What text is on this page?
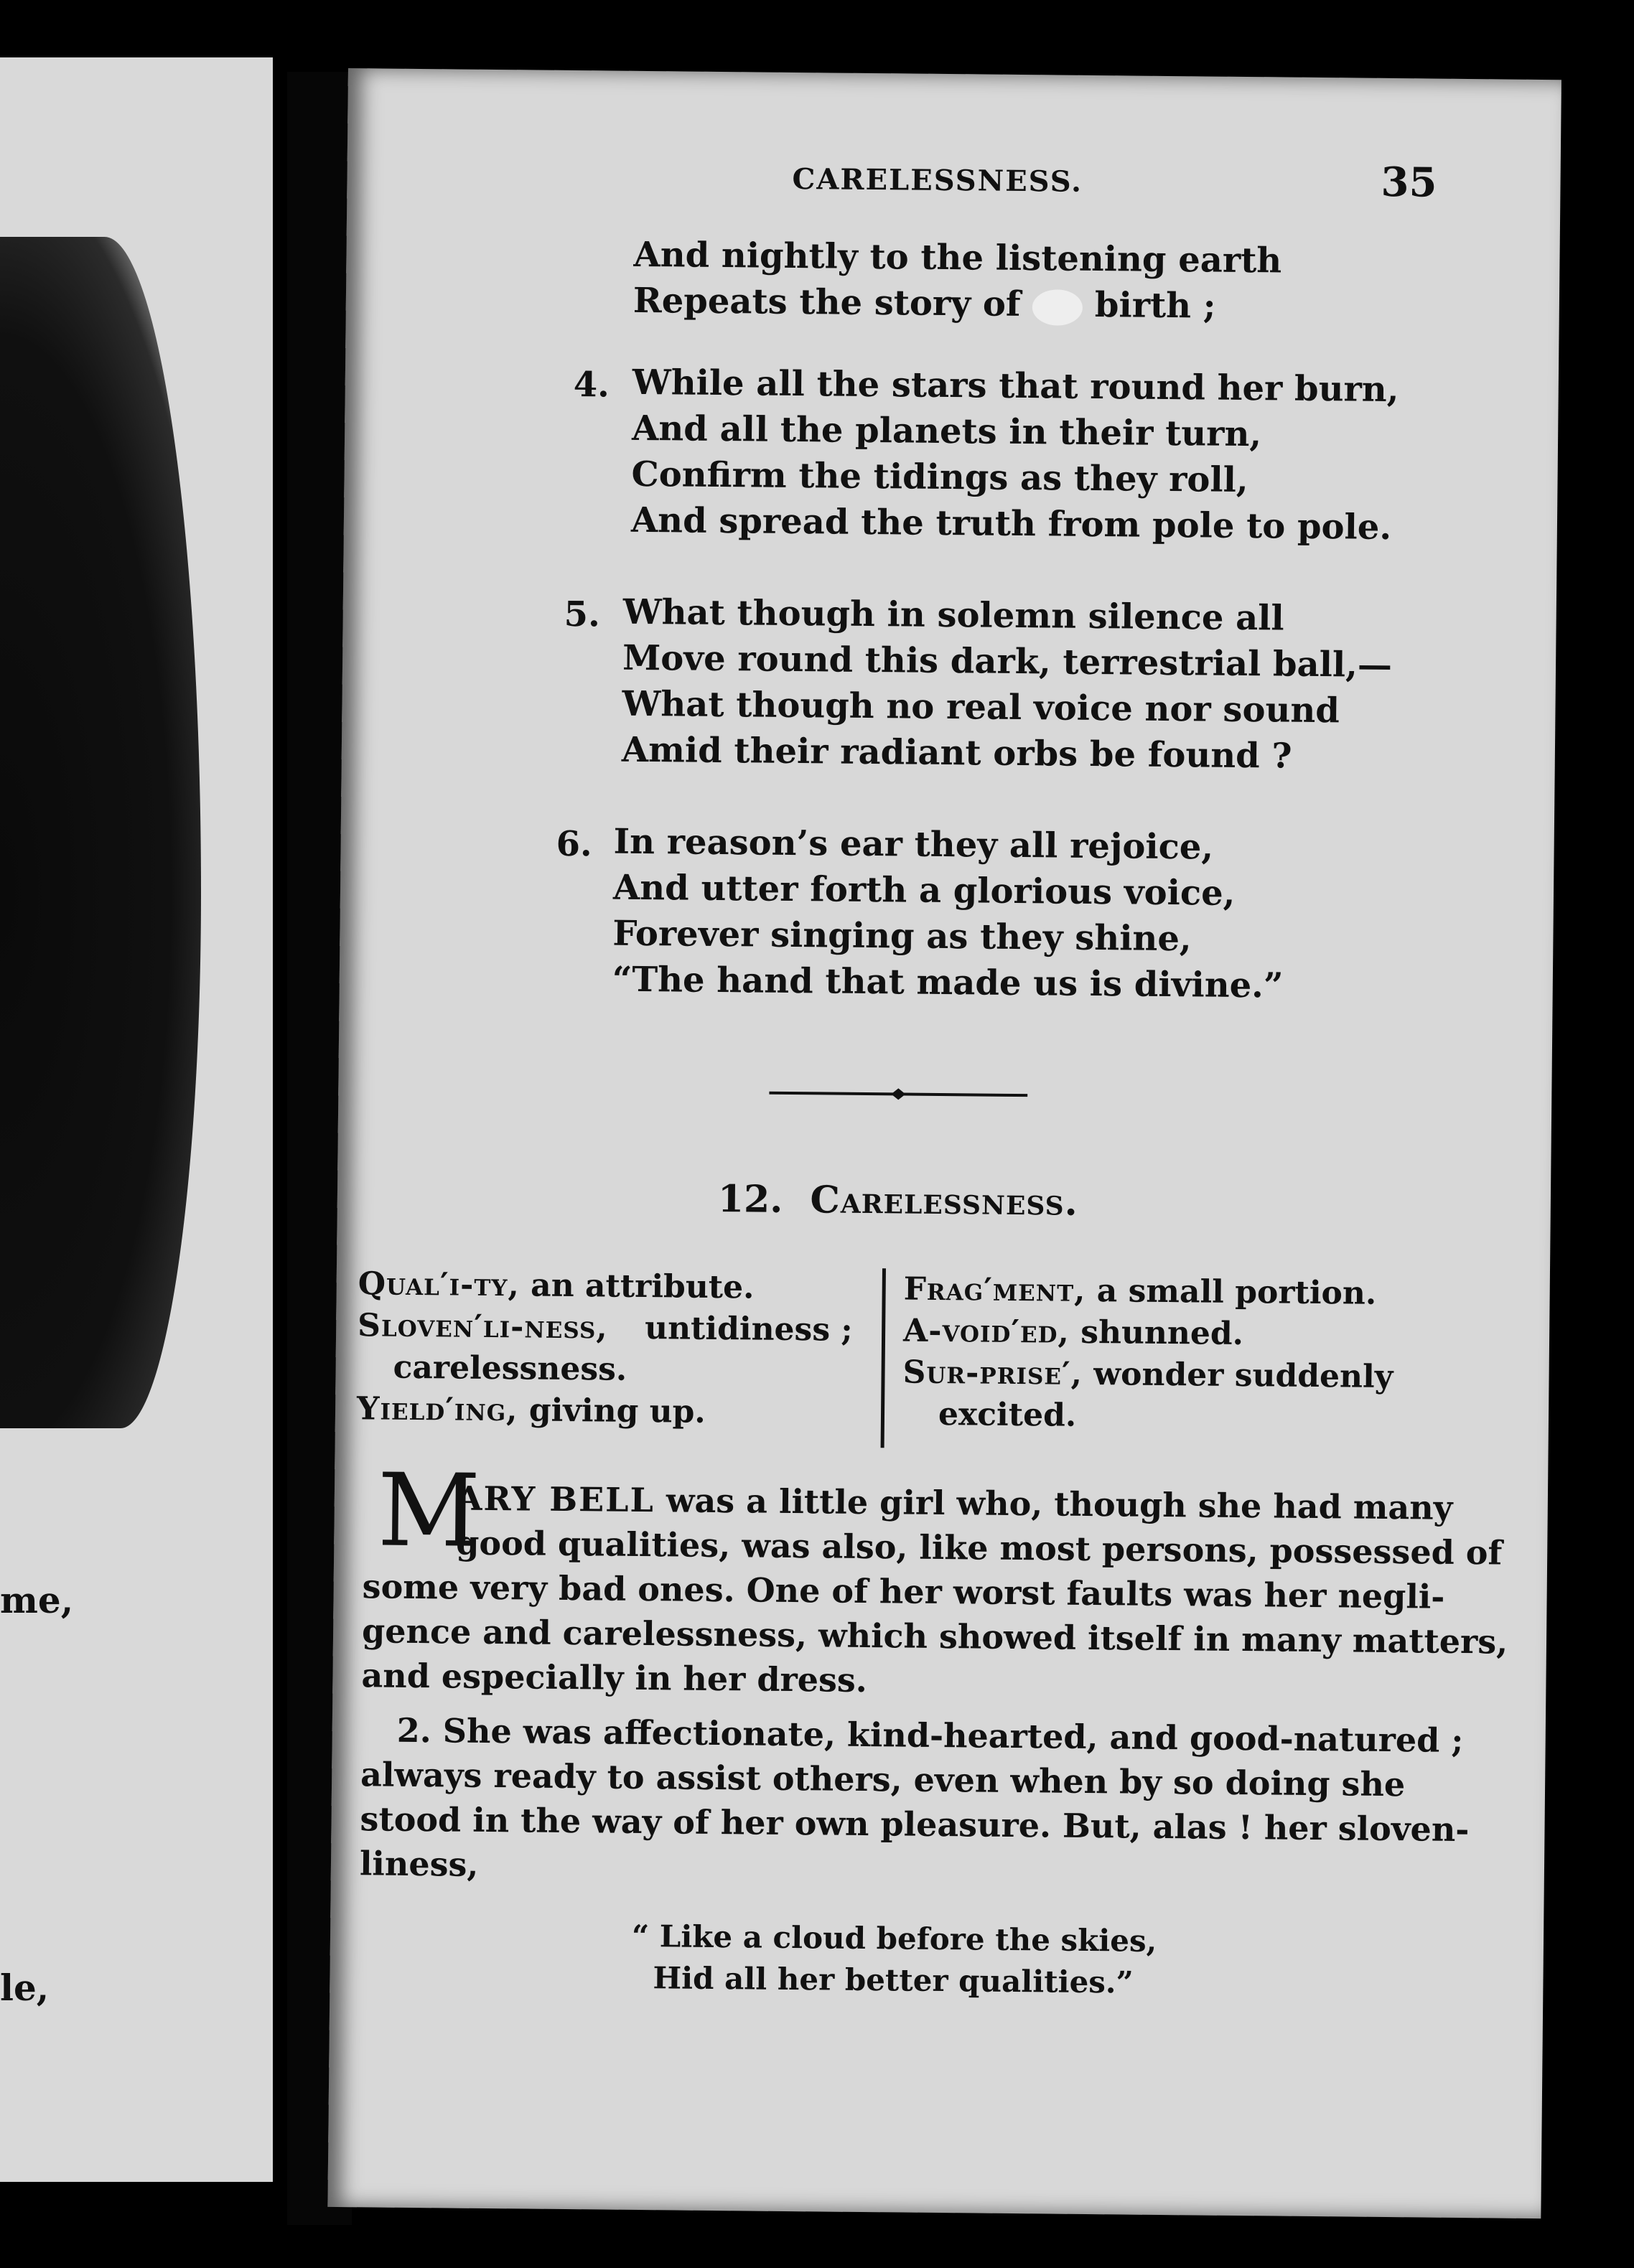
me,
le,
CARELESSNESS.	35
And nightly to the listening earth
Repeats the story of birth ;
4. While all the stars that round her burn,
And all the planets in their turn,
Confirm the tidings as they roll,
And spread the truth from pole to pole.
5. What though in solemn silence all
Move round this dark, terrestrial ball,—
What though no real voice nor sound
Amid their radiant orbs be found ?
6. In reason’s ear they all rejoice,
And utter forth a glorious voice,
Forever singing as they shine,
“The hand that made us is divine.”
12. Carelessness.
Qual′i-ty, an attribute.
Sloven′li-ness, untidiness ;
carelessness.
Yield′ing, giving up.
Frag′ment, a small portion.
A-void′ed, shunned.
Sur-prise′, wonder suddenly
excited.
M
ARY BELL was a little girl who, though she had many
good qualities, was also, like most persons, possessed of
some very bad ones. One of her worst faults was her negli-
gence and carelessness, which showed itself in many matters,
and especially in her dress.
2. She was affectionate, kind-hearted, and good-natured ;
always ready to assist others, even when by so doing she
stood in the way of her own pleasure. But, alas ! her sloven-
liness,
“ Like a cloud before the skies,
Hid all her better qualities.”
